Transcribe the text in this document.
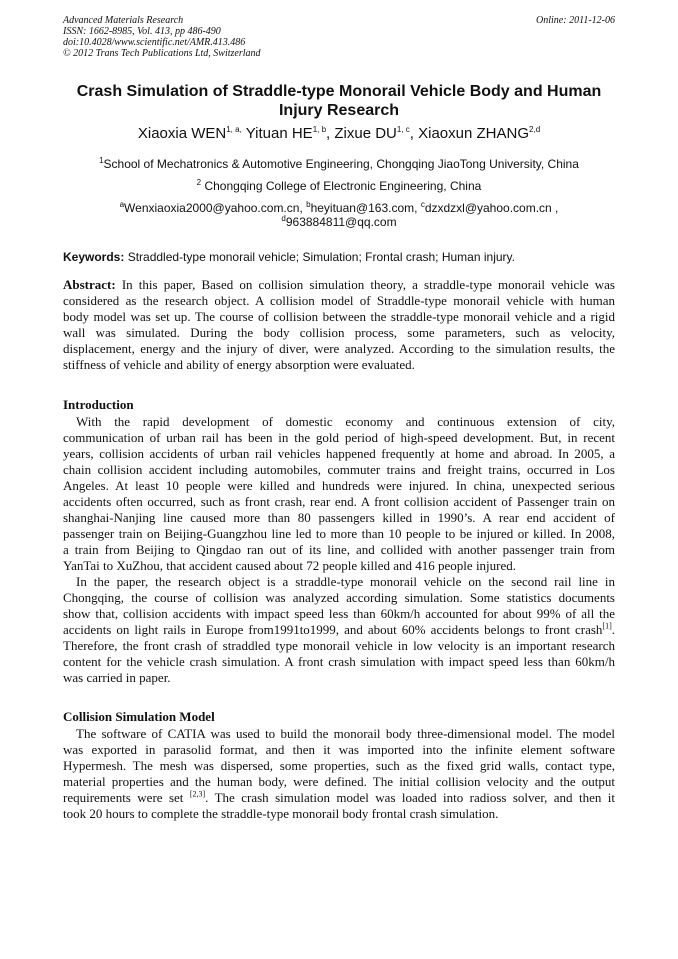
Advanced Materials Research
ISSN: 1662-8985, Vol. 413, pp 486-490
doi:10.4028/www.scientific.net/AMR.413.486
© 2012 Trans Tech Publications Ltd, Switzerland
Online: 2011-12-06
Crash Simulation of Straddle-type Monorail Vehicle Body and Human
Injury Research
Xiaoxia $WEN^{1, a,}$ Yituan HE$^{1, b}$, Zixue DU$^{1, c}$, Xiaoxun ZHANG$^{2,d}$
$^1$School of Mechatronics & Automotive Engineering, Chongqing JiaoTong University, China
$^2$ Chongqing College of Electronic Engineering, China
$^a$Wenxiaoxia2000@yahoo.com.cn, $^b$heyituan@163.com, $^c$dzxdzxl@yahoo.com.cn ,
$^d$963884811@qq.com
Keywords: Straddled-type monorail vehicle; Simulation; Frontal crash; Human injury.
Abstract: In this paper, Based on collision simulation theory, a straddle-type monorail vehicle was
considered as the research object. A collision model of Straddle-type monorail vehicle with human
body model was set up. The course of collision between the straddle-type monorail vehicle and a rigid
wall was simulated. During the body collision process, some parameters, such as velocity,
displacement, energy and the injury of diver, were analyzed. According to the simulation results, the
stiffness of vehicle and ability of energy absorption were evaluated.
Introduction
With the rapid development of domestic economy and continuous extension of city,
communication of urban rail has been in the gold period of high-speed development. But, in recent
years, collision accidents of urban rail vehicles happened frequently at home and abroad. In 2005, a
chain collision accident including automobiles, commuter trains and freight trains, occurred in Los
Angeles. At least 10 people were killed and hundreds were injured. In china, unexpected serious
accidents often occurred, such as front crash, rear end. A front collision accident of Passenger train on
shanghai-Nanjing line caused more than 80 passengers killed in 1990’s. A rear end accident of
passenger train on Beijing-Guangzhou line led to more than 10 people to be injured or killed. In 2008,
a train from Beijing to Qingdao ran out of its line, and collided with another passenger train from
YanTai to XuZhou, that accident caused about 72 people killed and 416 people injured.
In the paper, the research object is a straddle-type monorail vehicle on the second rail line in
Chongqing, the course of collision was analyzed according simulation. Some statistics documents
show that, collision accidents with impact speed less than 60km/h accounted for about 99% of all the
accidents on light rails in Europe from1991to1999, and about 60% accidents belongs to front crash[1].
Therefore, the front crash of straddled type monorail vehicle in low velocity is an important research
content for the vehicle crash simulation. A front crash simulation with impact speed less than 60km/h
was carried in paper.
Collision Simulation Model
The software of CATIA was used to build the monorail body three-dimensional model. The model
was exported in parasolid format, and then it was imported into the infinite element software
Hypermesh. The mesh was dispersed, some properties, such as the fixed grid walls, contact type,
material properties and the human body, were defined. The initial collision velocity and the output
requirements were set [2,3]. The crash simulation model was loaded into radioss solver, and then it
took 20 hours to complete the straddle-type monorail body frontal crash simulation.
